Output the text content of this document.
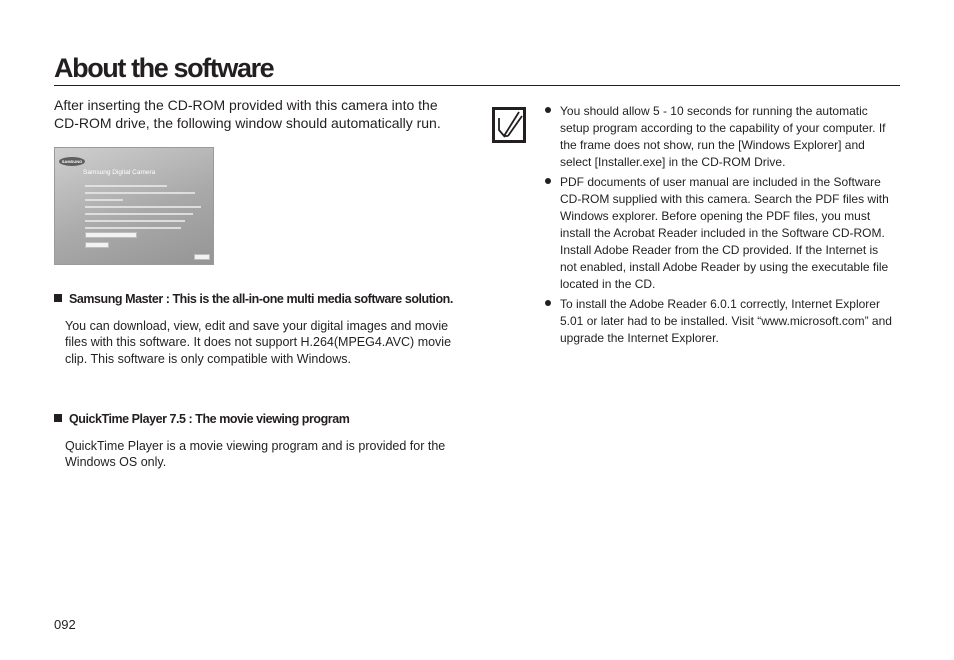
About the software

After inserting the CD-ROM provided with this camera into the CD-ROM drive, the following window should automatically run.

SAMSUNG
Samsung Digital Camera

Samsung Master : This is the all-in-one multi media software solution.

You can download, view, edit and save your digital images and movie files with this software. It does not support H.264(MPEG4.AVC) movie clip. This software is only compatible with Windows.

QuickTime Player 7.5 : The movie viewing program

QuickTime Player is a movie viewing program and is provided for the Windows OS only.

You should allow 5 - 10 seconds for running the automatic setup program according to the capability of your computer. If the frame does not show, run the [Windows Explorer] and select [Installer.exe] in the CD-ROM Drive.
PDF documents of user manual are included in the Software CD-ROM supplied with this camera. Search the PDF files with Windows explorer. Before opening the PDF files, you must install the Acrobat Reader included in the Software CD-ROM. Install Adobe Reader from the CD provided. If the Internet is not enabled, install Adobe Reader by using the executable file located in the CD.
To install the Adobe Reader 6.0.1 correctly, Internet Explorer 5.01 or later had to be installed. Visit “www.microsoft.com” and upgrade the Internet Explorer.
092
